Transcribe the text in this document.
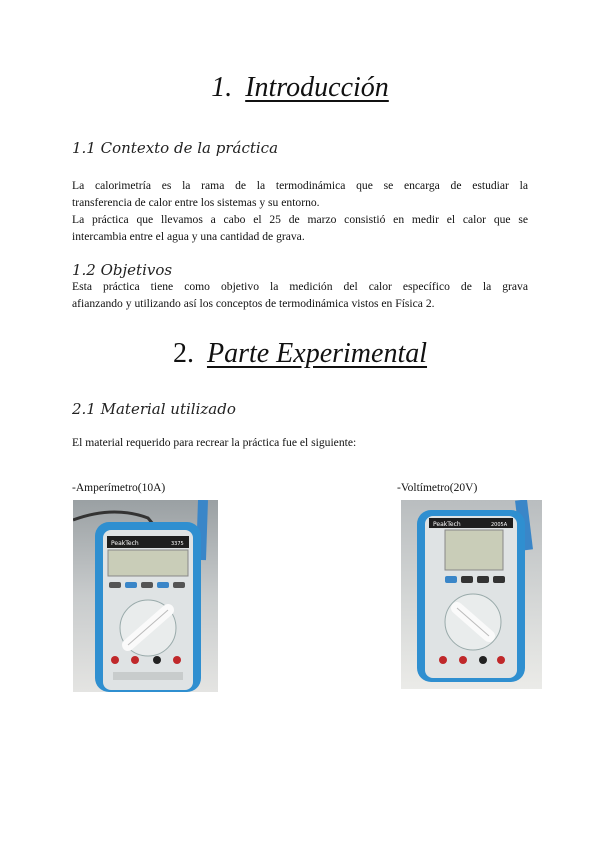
1. Introducción
1.1 Contexto de la práctica
La calorimetría es la rama de la termodinámica que se encarga de estudiar la
transferencia de calor entre los sistemas y su entorno.
La práctica que llevamos a cabo el 25 de marzo consistió en medir el calor que se
intercambia entre el agua y una cantidad de grava.
1.2 Objetivos
Esta práctica tiene como objetivo la medición del calor específico de la grava
afianzando y utilizando así los conceptos de termodinámica vistos en Física 2.
2. Parte Experimental
2.1 Material utilizado
El material requerido para recrear la práctica fue el siguiente:
-Amperímetro(10A)	-Voltímetro(20V)
PeakTech	3375
PeakTech	2005A
